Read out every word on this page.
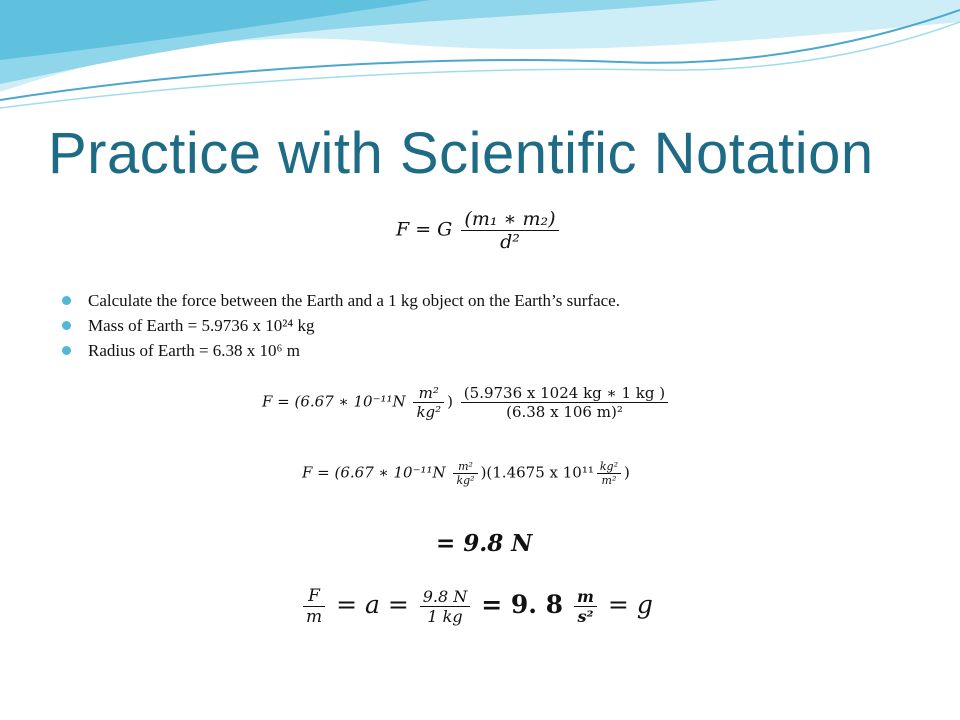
Practice with Scientific Notation
F = G $\frac{\text{(m₁ ∗ m₂)}}{\text{d²}}$
Calculate the force between the Earth and a 1 kg object on the Earth’s surface.
Mass of Earth = 5.9736 x 10²⁴ kg
Radius of Earth = 6.38 x 10⁶ m
F = (6.67 ∗ $10^{-11}N \frac{\text{m²}}{\text{kg²}}$ ) $\frac{(5.9736 x 1024 kg ∗ 1 kg )}{\text{(6.38 x 106 m)²}}$
F = (6.67 ∗ $10^{-11}N \frac{\text{m²}}{\text{kg²}} )(1.4675$ x $10^{11} \frac{\text{kg²}}{\text{m²}}$ )
= 9.8 N
$\frac{F}{m} = a = \frac{9.8 N}{1 kg} = 9$. $8 \frac{m}{\text{s²}} = g$
